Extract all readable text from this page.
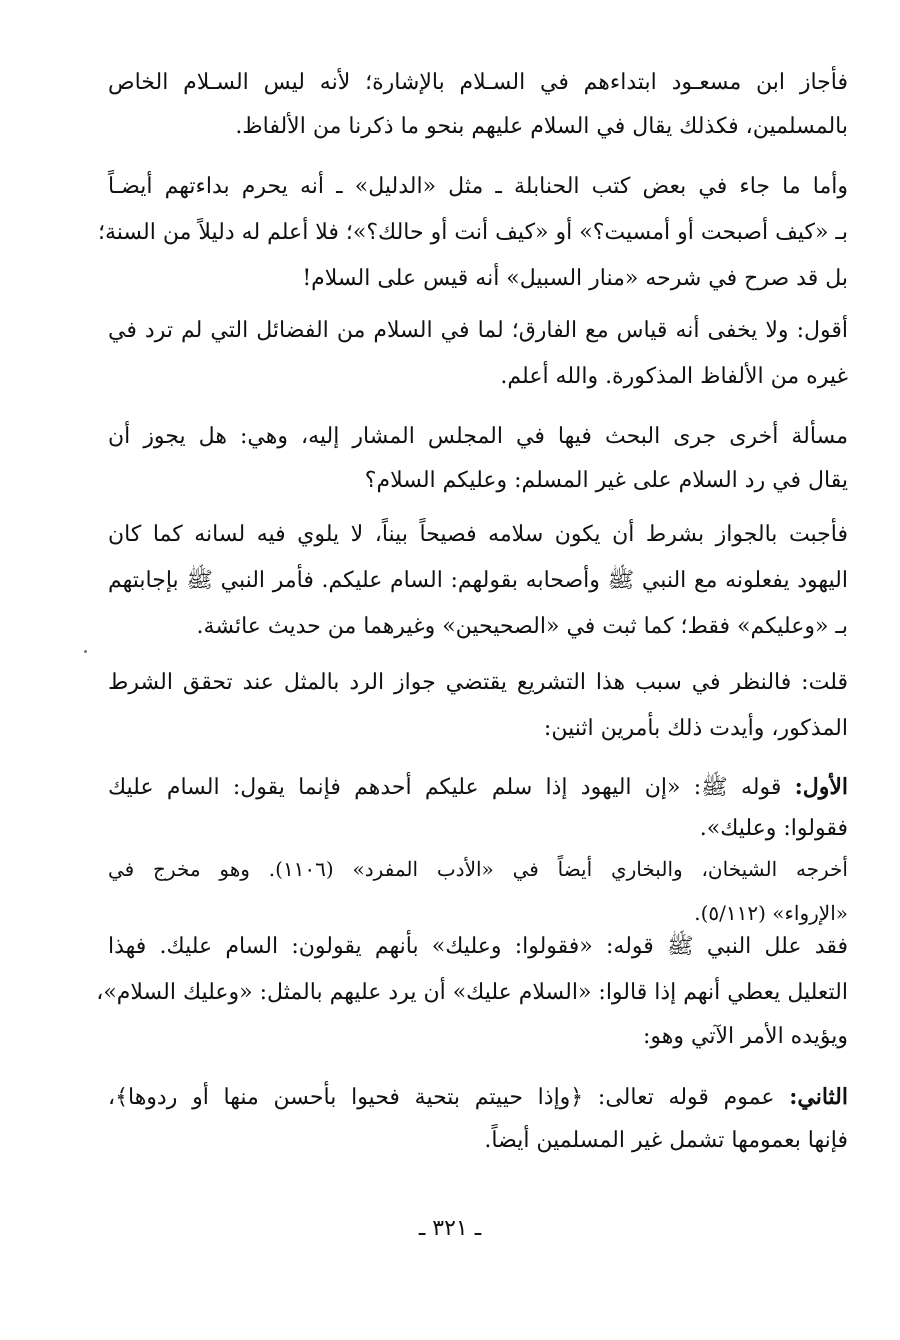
فأجاز ابن مسعـود ابتداءهم في السـلام بالإشارة؛ لأنه ليس السـلام الخاص
بالمسلمين، فكذلك يقال في السلام عليهم بنحو ما ذكرنا من الألفاظ.
وأما ما جاء في بعض كتب الحنابلة ـ مثل «الدليل» ـ أنه يحرم بداءتهم أيضـاً
بـ «كيف أصبحت أو أمسيت؟» أو «كيف أنت أو حالك؟»؛ فلا أعلم له دليلاً من السنة؛
بل قد صرح في شرحه «منار السبيل» أنه قيس على السلام!
أقول: ولا يخفى أنه قياس مع الفارق؛ لما في السلام من الفضائل التي لم ترد في
غيره من الألفاظ المذكورة. والله أعلم.
مسألة أخرى جرى البحث فيها في المجلس المشار إليه، وهي: هل يجوز أن
يقال في رد السلام على غير المسلم: وعليكم السلام؟
فأجبت بالجواز بشرط أن يكون سلامه فصيحاً بيناً، لا يلوي فيه لسانه كما كان
اليهود يفعلونه مع النبي ﷺ وأصحابه بقولهم: السام عليكم. فأمر النبي ﷺ بإجابتهم
بـ «وعليكم» فقط؛ كما ثبت في «الصحيحين» وغيرهما من حديث عائشة.
قلت: فالنظر في سبب هذا التشريع يقتضي جواز الرد بالمثل عند تحقق الشرط
المذكور، وأيدت ذلك بأمرين اثنين:
الأول: قوله ﷺ: «إن اليهود إذا سلم عليكم أحدهم فإنما يقول: السام عليك
فقولوا: وعليك».
أخرجه الشيخان، والبخاري أيضاً في «الأدب المفرد» (١١٠٦). وهو مخرج في
«الإرواء» (٥/١١٢).
فقد علل النبي ﷺ قوله: «فقولوا: وعليك» بأنهم يقولون: السام عليك. فهذا
التعليل يعطي أنهم إذا قالوا: «السلام عليك» أن يرد عليهم بالمثل: «وعليك السلام»،
ويؤيده الأمر الآتي وهو:
الثاني: عموم قوله تعالى: ﴿وإذا حييتم بتحية فحيوا بأحسن منها أو ردوها﴾،
فإنها بعمومها تشمل غير المسلمين أيضاً.
ـ ٣٢١ ـ
